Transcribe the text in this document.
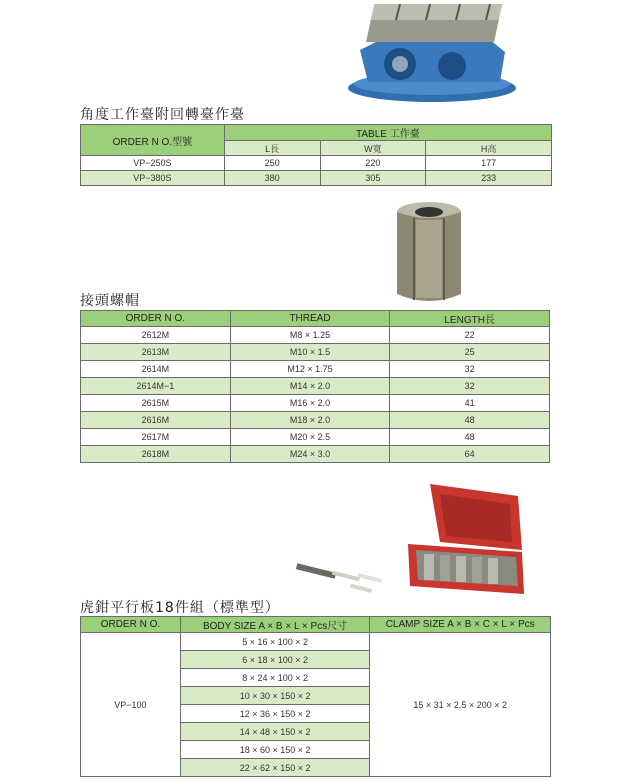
角度工作臺附回轉臺作臺
ORDER N O.型號	TABLE 工作臺		
	L長	W寬	H高
VP−250S	250	220	177
VP−380S	380	305	233
接頭螺帽
ORDER N O.	THREAD	LENGTH長
2612M	M8 × 1.25	22
2613M	M10 × 1.5	25
2614M	M12 × 1.75	32
2614M−1	M14 × 2.0	32
2615M	M16 × 2.0	41
2616M	M18 × 2.0	48
2617M	M20 × 2.5	48
2618M	M24 × 3.0	64
虎鉗平行板18件組（標準型）
ORDER N O.	BODY SIZE A × B × L × Pcs尺寸	CLAMP SIZE A × B × C × L × Pcs
VP−100	5 × 16 × 100 × 2	15 × 31 × 2.5 × 200 × 2
	6 × 18 × 100 × 2	
	8 × 24 × 100 × 2	
	10 × 30 × 150 × 2	
	12 × 36 × 150 × 2	
	14 × 48 × 150 × 2	
	18 × 60 × 150 × 2	
	22 × 62 × 150 × 2	
